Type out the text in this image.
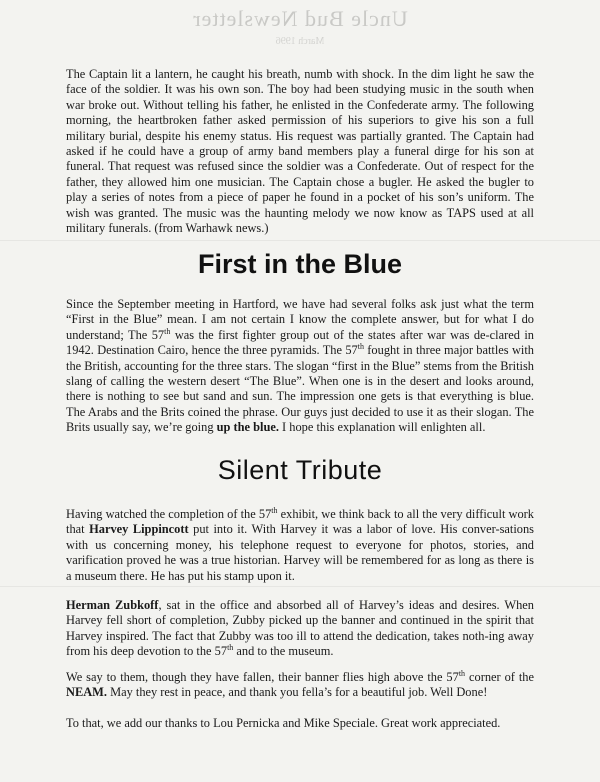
Uncle Bud Newsletter
March 1996

The Captain lit a lantern, he caught his breath, numb with shock. In the dim light he saw the face of the soldier. It was his own son. The boy had been studying music in the south when war broke out. Without telling his father, he enlisted in the Confederate army. The following morning, the heartbroken father asked permission of his superiors to give his son a full military burial, despite his enemy status. His request was partially granted. The Captain had asked if he could have a group of army band members play a funeral dirge for his son at funeral. That request was refused since the soldier was a Confederate. Out of respect for the father, they allowed him one musician. The Captain chose a bugler. He asked the bugler to play a series of notes from a piece of paper he found in a pocket of his son’s uniform. The wish was granted. The music was the haunting melody we now know as TAPS used at all military funerals. (from Warhawk news.)

First in the Blue

Since the September meeting in Hartford, we have had several folks ask just what the term “First in the Blue” mean. I am not certain I know the complete answer, but for what I do understand; The 57th was the first fighter group out of the states after war was de-clared in 1942. Destination Cairo, hence the three pyramids. The 57th fought in three major battles with the British, accounting for the three stars. The slogan “first in the Blue” stems from the British slang of calling the western desert “The Blue”. When one is in the desert and looks around, there is nothing to see but sand and sun. The impression one gets is that everything is blue. The Arabs and the Brits coined the phrase. Our guys just decided to use it as their slogan. The Brits usually say, we’re going up the blue. I hope this explanation will enlighten all.

Silent Tribute

Having watched the completion of the 57th exhibit, we think back to all the very difficult work that Harvey Lippincott put into it. With Harvey it was a labor of love. His conver-sations with us concerning money, his telephone request to everyone for photos, stories, and varification proved he was a true historian. Harvey will be remembered for as long as there is a museum there. He has put his stamp upon it.

Herman Zubkoff, sat in the office and absorbed all of Harvey’s ideas and desires. When Harvey fell short of completion, Zubby picked up the banner and continued in the spirit that Harvey inspired. The fact that Zubby was too ill to attend the dedication, takes noth-ing away from his deep devotion to the 57th and to the museum.

We say to them, though they have fallen, their banner flies high above the 57th corner of the NEAM. May they rest in peace, and thank you fella’s for a beautiful job. Well Done!

To that, we add our thanks to Lou Pernicka and Mike Speciale. Great work appreciated.
